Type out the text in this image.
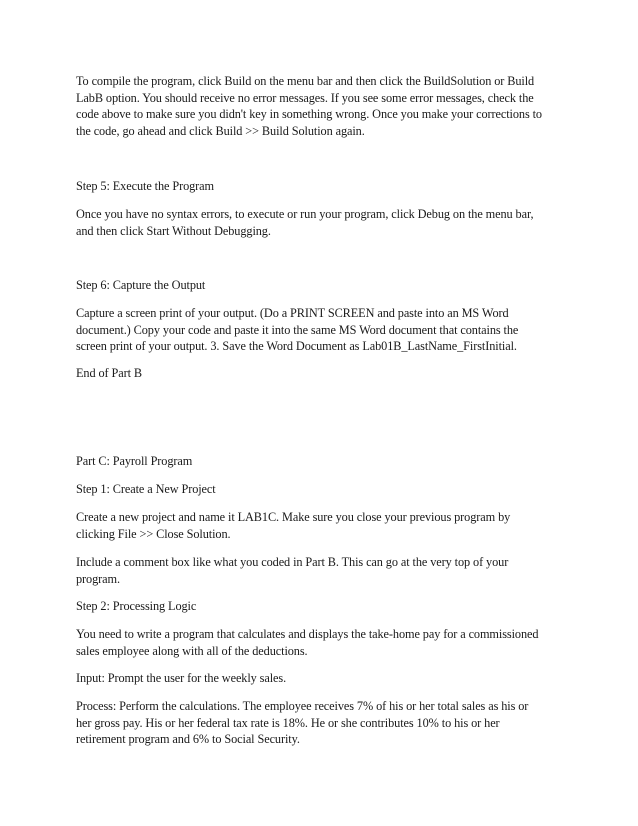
To compile the program, click Build on the menu bar and then click the BuildSolution or Build
LabB option. You should receive no error messages. If you see some error messages, check the
code above to make sure you didn't key in something wrong. Once you make your corrections to
the code, go ahead and click Build >> Build Solution again.

Step 5: Execute the Program

Once you have no syntax errors, to execute or run your program, click Debug on the menu bar,
and then click Start Without Debugging.

Step 6: Capture the Output

Capture a screen print of your output. (Do a PRINT SCREEN and paste into an MS Word
document.) Copy your code and paste it into the same MS Word document that contains the
screen print of your output. 3. Save the Word Document as Lab01B_LastName_FirstInitial.

End of Part B

Part C: Payroll Program

Step 1: Create a New Project

Create a new project and name it LAB1C. Make sure you close your previous program by
clicking File >> Close Solution.

Include a comment box like what you coded in Part B. This can go at the very top of your
program.

Step 2: Processing Logic

You need to write a program that calculates and displays the take-home pay for a commissioned
sales employee along with all of the deductions.

Input: Prompt the user for the weekly sales.

Process: Perform the calculations. The employee receives 7% of his or her total sales as his or
her gross pay. His or her federal tax rate is 18%. He or she contributes 10% to his or her
retirement program and 6% to Social Security.
